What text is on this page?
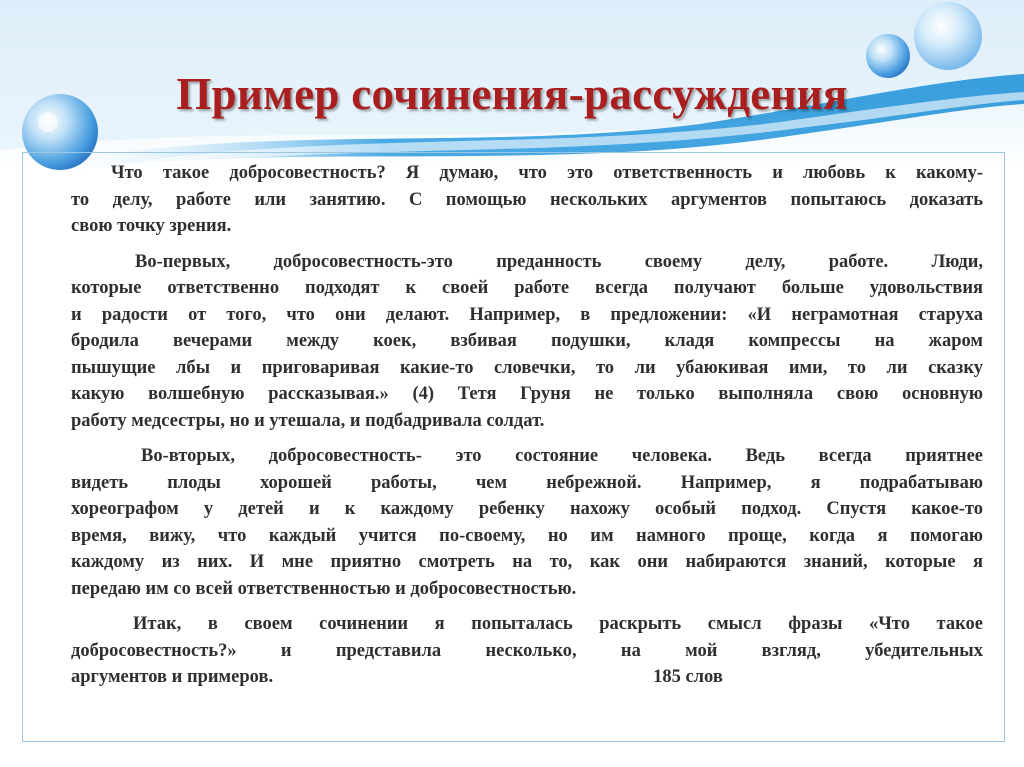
Пример сочинения-рассуждения
Что такое добросовестность? Я думаю, что это ответственность и любовь к какому-
то делу, работе или занятию. С помощью нескольких аргументов попытаюсь доказать
свою точку зрения.
Во-первых, добросовестность-это преданность своему делу, работе. Люди,
которые ответственно подходят к своей работе всегда получают больше удовольствия
и радости от того, что они делают. Например, в предложении: «И неграмотная старуха
бродила вечерами между коек, взбивая подушки, кладя компрессы на жаром
пышущие лбы и приговаривая какие-то словечки, то ли убаюкивая ими, то ли сказку
какую волшебную рассказывая.» (4) Тетя Груня не только выполняла свою основную
работу медсестры, но и утешала, и подбадривала солдат.
Во-вторых, добросовестность- это состояние человека. Ведь всегда приятнее
видеть плоды хорошей работы, чем небрежной. Например, я подрабатываю
хореографом у детей и к каждому ребенку нахожу особый подход. Спустя какое-то
время, вижу, что каждый учится по-своему, но им намного проще, когда я помогаю
каждому из них. И мне приятно смотреть на то, как они набираются знаний, которые я
передаю им со всей ответственностью и добросовестностью.
Итак, в своем сочинении я попыталась раскрыть смысл фразы «Что такое
добросовестность?» и представила несколько, на мой взгляд, убедительных
аргументов и примеров.	185 слов
